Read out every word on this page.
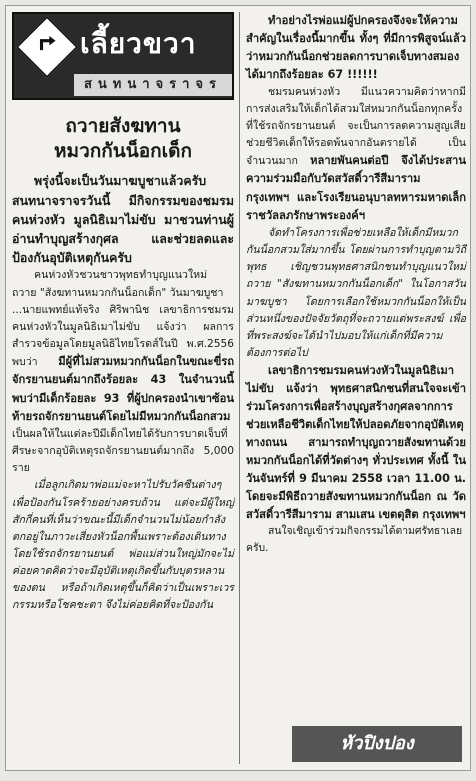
เลี้ยวขวา
สนทนาจราจร
ถวายสังฆทาน
หมวกกันน็อกเด็ก

พรุ่งนี้จะเป็นวันมาฆบูชาแล้วครับ สนทนาจราจรวันนี้ มีกิจกรรมของชมรมคนห่วงหัว มูลนิธิเมาไม่ขับ มาชวนท่านผู้อ่านทำบุญสร้างกุศล และช่วยลดและป้องกันอุบัติเหตุกันครับ

คนห่วงหัวชวนชาวพุทธทำบุญแนวใหม่ ถวาย "สังฆทานหมวกกันน็อกเด็ก" วันมาฆบูชา

...นายแพทย์แท้จริง ศิริพานิช เลขาธิการชมรมคนห่วงหัวในมูลนิธิเมาไม่ขับ แจ้งว่า ผลการสำรวจข้อมูลโดยมูลนิธิไทยโรดส์ในปี พ.ศ.2556 พบว่า มีผู้ที่ไม่สวมหมวกกันน็อกในขณะขี่รถจักรยานยนต์มากถึงร้อยละ 43 ในจำนวนนี้ พบว่ามีเด็กร้อยละ 93 ที่ผู้ปกครองนำเขาซ้อนท้ายรถจักรยานยนต์โดยไม่มีหมวกกันน็อกสวม เป็นผลให้ในแต่ละปีมีเด็กไทยได้รับการบาดเจ็บที่ศีรษะจากอุบัติเหตุรถจักรยานยนต์มากถึง 5,000 ราย

เมื่อลูกเกิดมาพ่อแม่จะหาไปรับวัคซีนต่างๆ เพื่อป้องกันโรคร้ายอย่างครบถ้วน แต่จะมีผู้ใหญ่สักกี่คนที่เห็นว่าขณะนี้มีเด็กจำนวนไม่น้อยกำลังตกอยู่ในภาวะเสี่ยงหัวน็อกพื้นเพราะต้องเดินทางโดยใช้รถจักรยานยนต์ พ่อแม่ส่วนใหญ่มักจะไม่ค่อยคาดคิดว่าจะมีอุบัติเหตุเกิดขึ้นกับบุตรหลานของตน หรือถ้าเกิดเหตุขึ้นก็คิดว่าเป็นเพราะเวรกรรมหรือโชคชะตา จึงไม่ค่อยคิดที่จะป้องกัน

ทำอย่างไรพ่อแม่ผู้ปกครองจึงจะให้ความสำคัญในเรื่องนี้มากขึ้น ทั้งๆ ที่มีการพิสูจน์แล้วว่าหมวกกันน็อกช่วยลดการบาดเจ็บทางสมองได้มากถึงร้อยละ 67 !!!!!!

ชมรมคนห่วงหัว มีแนวความคิดว่าหากมีการส่งเสริมให้เด็กได้สวมใส่หมวกกันน็อกทุกครั้งที่ใช้รถจักรยานยนต์ จะเป็นการลดความสูญเสีย ช่วยชีวิตเด็กให้รอดพ้นจากอันตรายได้ เป็นจำนวนมาก หลายพันคนต่อปี จึงได้ประสานความร่วมมือกับวัดสวัสดิ์วารีสีมาราม กรุงเทพฯ และโรงเรียนอนุบาลทหารมหาดเล็กราชวัลลภรักษาพระองค์ฯ

จัดทำโครงการเพื่อช่วยเหลือให้เด็กมีหมวกกันน็อกสวมใส่มากขึ้น โดยผ่านการทำบุญตามวิถีพุทธ เชิญชวนพุทธศาสนิกชนทำบุญแนวใหม่ถวาย "สังฆทานหมวกกันน็อกเด็ก" ในโอกาสวันมาฆบูชา โดยการเลือกใช้หมวกกันน็อกให้เป็นส่วนหนึ่งของปัจจัยวัตถุที่จะถวายแด่พระสงฆ์ เพื่อที่พระสงฆ์จะได้นำไปมอบให้แก่เด็กที่มีความต้องการต่อไป

เลขาธิการชมรมคนห่วงหัวในมูลนิธิเมาไม่ขับ แจ้งว่า พุทธศาสนิกชนที่สนใจจะเข้าร่วมโครงการเพื่อสร้างบุญสร้างกุศลจากการช่วยเหลือชีวิตเด็กไทยให้ปลอดภัยจากอุบัติเหตุทางถนน สามารถทำบุญถวายสังฆทานด้วยหมวกกันน็อกได้ที่วัดต่างๆ ทั่วประเทศ ทั้งนี้ ในวันจันทร์ที่ 9 มีนาคม 2558 เวลา 11.00 น. โดยจะมีพิธีถวายสังฆทานหมวกกันน็อก ณ วัดสวัสดิ์วารีสีมาราม สามเสน เขตดุสิต กรุงเทพฯ

สนใจเชิญเข้าร่วมกิจกรรมได้ตามศรัทธาเลยครับ.

หัวปิงปอง
